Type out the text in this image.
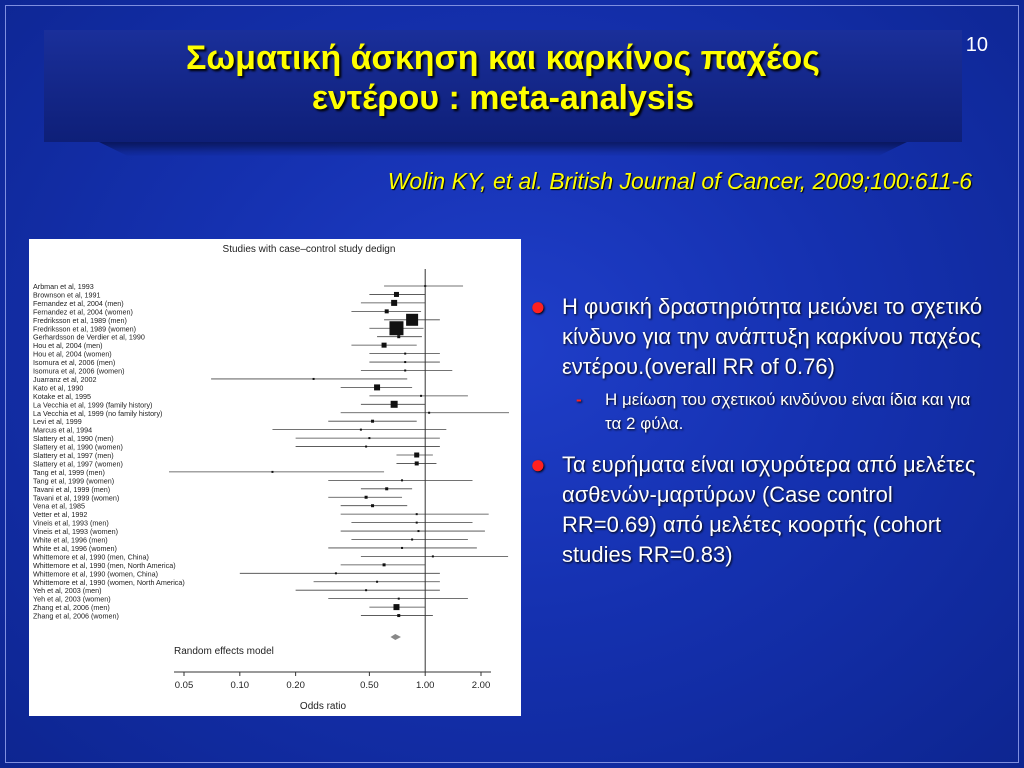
Σωματική άσκηση και καρκίνος παχέος
εντέρου : meta-analysis
10
Wolin KY, et al. British Journal of Cancer, 2009;100:611-6
Studies with case–control study dedign
Arbman et al, 1993
Brownson et al, 1991
Fernandez et al, 2004 (men)
Fernandez et al, 2004 (women)
Fredriksson et al, 1989 (men)
Fredriksson et al, 1989 (women)
Gerhardsson de Verdier et al, 1990
Hou et al, 2004 (men)
Hou et al, 2004 (women)
Isomura et al, 2006 (men)
Isomura et al, 2006 (women)
Juarranz et al, 2002
Kato et al, 1990
Kotake et al, 1995
La Vecchia et al, 1999 (family history)
La Vecchia et al, 1999 (no family history)
Levi et al, 1999
Marcus et al, 1994
Slattery et al, 1990 (men)
Slattery et al, 1990 (women)
Slattery et al, 1997 (men)
Slattery et al, 1997 (women)
Tang et al, 1999 (men)
Tang et al, 1999 (women)
Tavani et al, 1999 (men)
Tavani et al, 1999 (women)
Vena et al, 1985
Vetter et al, 1992
Vineis et al, 1993 (men)
Vineis et al, 1993 (women)
White et al, 1996 (men)
White et al, 1996 (women)
Whittemore et al, 1990 (men, China)
Whittemore et al, 1990 (men, North America)
Whittemore et al, 1990 (women, China)
Whittemore et al, 1990 (women, North America)
Yeh et al, 2003 (men)
Yeh et al, 2003 (women)
Zhang et al, 2006 (men)
Zhang et al, 2006 (women)
0.05	0.10	0.20	0.50	1.00	2.00
Random effects model
Odds ratio
● Η φυσική δραστηριότητα μειώνει το σχετικό κίνδυνο για την ανάπτυξη καρκίνου παχέος εντέρου.(overall RR of 0.76)
- Η μείωση του σχετικού κινδύνου είναι ίδια και για τα 2 φύλα.
● Τα ευρήματα είναι ισχυρότερα από μελέτες ασθενών-μαρτύρων (Case control RR=0.69) από μελέτες κοορτής (cohort studies RR=0.83)
